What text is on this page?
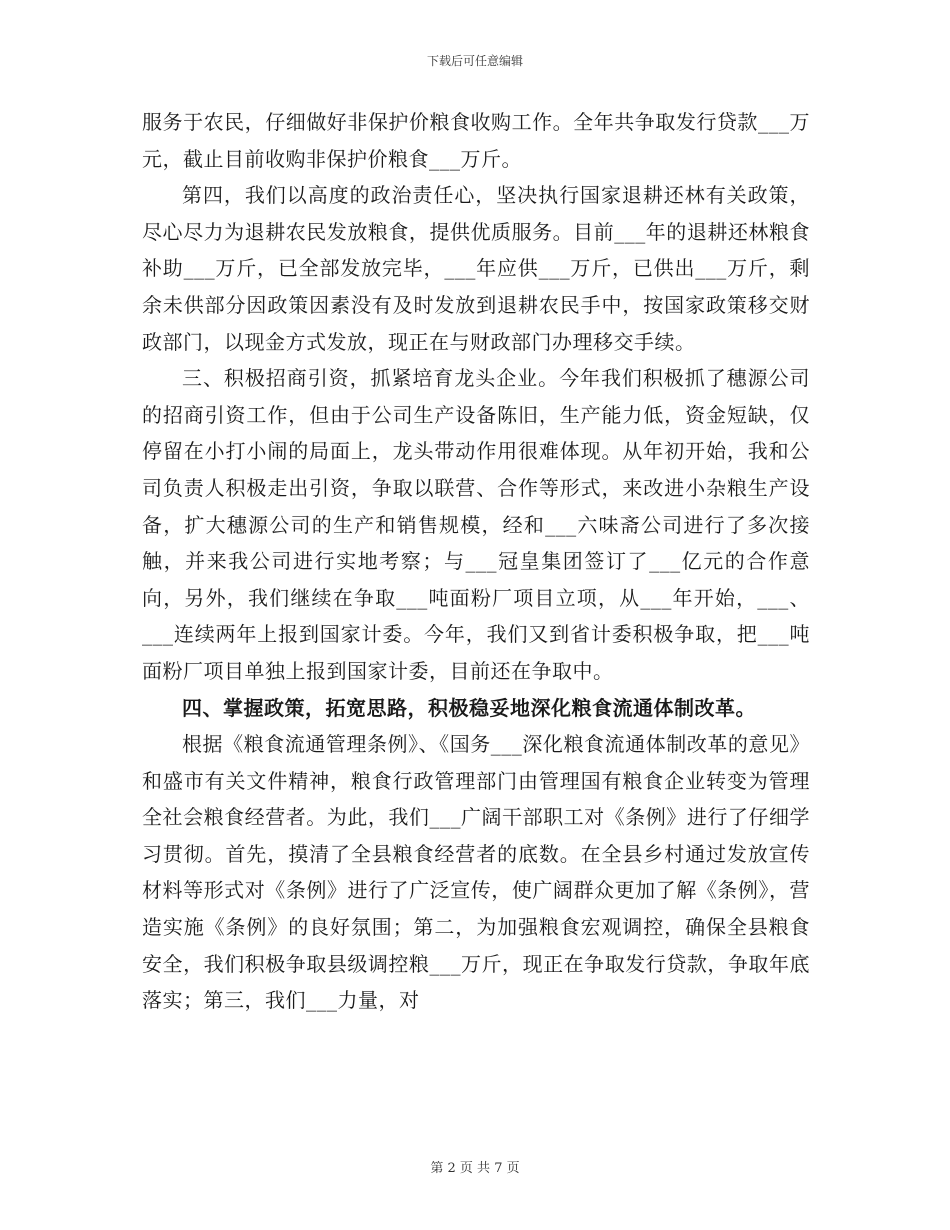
下载后可任意编辑

服务于农民，仔细做好非保护价粮食收购工作。全年共争取发行贷款___万元，截止目前收购非保护价粮食___万斤。

第四，我们以高度的政治责任心，坚决执行国家退耕还林有关政策，尽心尽力为退耕农民发放粮食，提供优质服务。目前___年的退耕还林粮食补助___万斤，已全部发放完毕，___年应供___万斤，已供出___万斤，剩余未供部分因政策因素没有及时发放到退耕农民手中，按国家政策移交财政部门，以现金方式发放，现正在与财政部门办理移交手续。

三、积极招商引资，抓紧培育龙头企业。今年我们积极抓了穗源公司的招商引资工作，但由于公司生产设备陈旧，生产能力低，资金短缺，仅停留在小打小闹的局面上，龙头带动作用很难体现。从年初开始，我和公司负责人积极走出引资，争取以联营、合作等形式，来改进小杂粮生产设备，扩大穗源公司的生产和销售规模，经和___六味斋公司进行了多次接触，并来我公司进行实地考察；与___冠皇集团签订了___亿元的合作意向，另外，我们继续在争取___吨面粉厂项目立项，从___年开始，___、___连续两年上报到国家计委。今年，我们又到省计委积极争取，把___吨面粉厂项目单独上报到国家计委，目前还在争取中。

四、掌握政策，拓宽思路，积极稳妥地深化粮食流通体制改革。

根据《粮食流通管理条例》、《国务___深化粮食流通体制改革的意见》和盛市有关文件精神，粮食行政管理部门由管理国有粮食企业转变为管理全社会粮食经营者。为此，我们___广阔干部职工对《条例》进行了仔细学习贯彻。首先，摸清了全县粮食经营者的底数。在全县乡村通过发放宣传材料等形式对《条例》进行了广泛宣传，使广阔群众更加了解《条例》，营造实施《条例》的良好氛围；第二，为加强粮食宏观调控，确保全县粮食安全，我们积极争取县级调控粮___万斤，现正在争取发行贷款，争取年底落实；第三，我们___力量，对

第 2 页 共 7 页
